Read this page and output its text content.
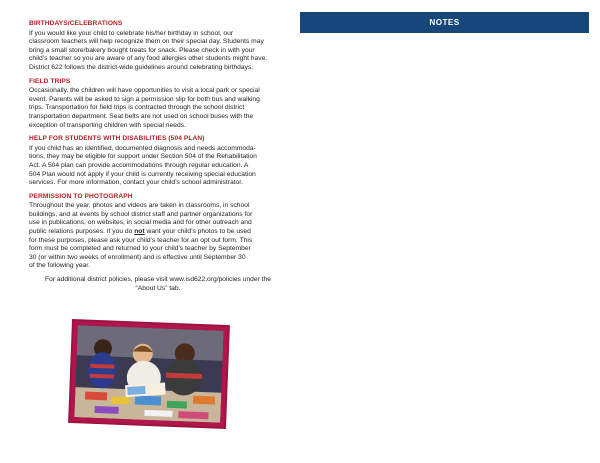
BIRTHDAYS/CELEBRATIONS

If you would like your child to celebrate his/her birthday in school, our
classroom teachers will help recognize them on their special day. Students may
bring a small store/bakery bought treats for snack. Please check in with your
child’s teacher so you are aware of any food allergies other students might have.
District 622 follows the district-wide guidelines around celebrating birthdays.

FIELD TRIPS

Occasionally, the children will have opportunities to visit a local park or special
event. Parents will be asked to sign a permission slip for both bus and walking
trips. Transportation for field trips is contracted through the school district
transportation department. Seat belts are not used on school buses with the
exception of transporting children with special needs.

HELP FOR STUDENTS WITH DISABILITIES (504 PLAN)

If you child has an identified, documented diagnosis and needs accommoda-
tions, they may be eligible for support under Section 504 of the Rehabilitation
Act. A 504 plan can provide accommodations through regular education. A
504 Plan would not apply if your child is currently receiving special education
services. For more information, contact your child’s school administrator.

PERMISSION TO PHOTOGRAPH

Throughout the year, photos and videos are taken in classrooms, in school
buildings, and at events by school district staff and partner organizations for
use in publications, on websites, in social media and for other outreach and
public relations purposes. If you do not want your child’s photos to be used
for these purposes, please ask your child’s teacher for an opt out form. This
form must be completed and returned to your child’s teacher by September
30 (or within two weeks of enrollment) and is effective until September 30
of the following year.

For additional district policies, please visit www.isd622.org/policies under the
“About Us” tab.

NOTES
